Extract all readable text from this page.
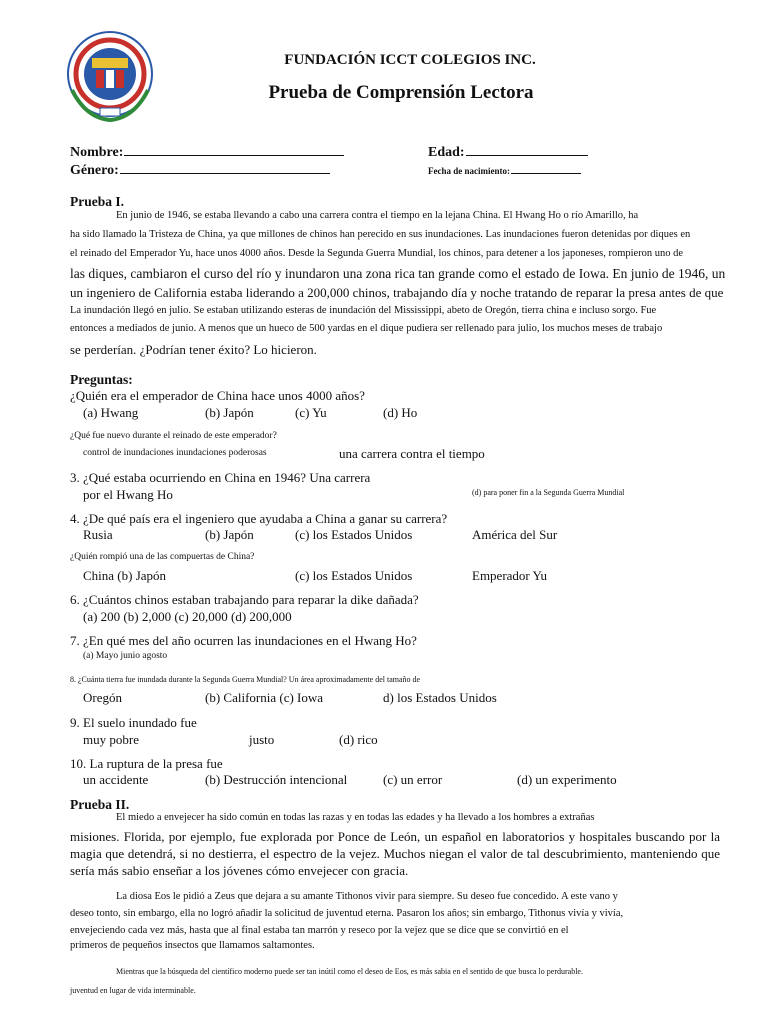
FUNDACIÓN ICCT COLEGIOS INC.
Prueba de Comprensión Lectora
Nombre:	Edad:
Género:	Fecha de nacimiento:
Prueba I.
En junio de 1946, se estaba llevando a cabo una carrera contra el tiempo en la lejana China. El Hwang Ho o río Amarillo, ha
ha sido llamado la Tristeza de China, ya que millones de chinos han perecido en sus inundaciones. Las inundaciones fueron detenidas por diques en
el reinado del Emperador Yu, hace unos 4000 años. Desde la Segunda Guerra Mundial, los chinos, para detener a los japoneses, rompieron uno de
las diques, cambiaron el curso del río y inundaron una zona rica tan grande como el estado de Iowa. En junio de 1946, un
un ingeniero de California estaba liderando a 200,000 chinos, trabajando día y noche tratando de reparar la presa antes de que
La inundación llegó en julio. Se estaban utilizando esteras de inundación del Mississippi, abeto de Oregón, tierra china e incluso sorgo. Fue
entonces a mediados de junio. A menos que un hueco de 500 yardas en el dique pudiera ser rellenado para julio, los muchos meses de trabajo
se perderían. ¿Podrían tener éxito? Lo hicieron.
Preguntas:
¿Quién era el emperador de China hace unos 4000 años?
(a) Hwang	(b) Japón	(c) Yu	(d) Ho
¿Qué fue nuevo durante el reinado de este emperador?
control de inundaciones inundaciones poderosas	una carrera contra el tiempo
3. ¿Qué estaba ocurriendo en China en 1946? Una carrera
por el Hwang Ho	(d) para poner fin a la Segunda Guerra Mundial
4. ¿De qué país era el ingeniero que ayudaba a China a ganar su carrera?
Rusia	(b) Japón	(c) los Estados Unidos	América del Sur
¿Quién rompió una de las compuertas de China?
China (b) Japón	(c) los Estados Unidos	Emperador Yu
6. ¿Cuántos chinos estaban trabajando para reparar la dike dañada?
(a) 200 (b) 2,000 (c) 20,000 (d) 200,000
7. ¿En qué mes del año ocurren las inundaciones en el Hwang Ho?
(a) Mayo junio agosto
8. ¿Cuánta tierra fue inundada durante la Segunda Guerra Mundial? Un área aproximadamente del tamaño de
Oregón	(b) California (c) Iowa	d) los Estados Unidos
9. El suelo inundado fue
muy pobre	justo	(d) rico
10. La ruptura de la presa fue
un accidente	(b) Destrucción intencional	(c) un error	(d) un experimento
Prueba II.
El miedo a envejecer ha sido común en todas las razas y en todas las edades y ha llevado a los hombres a extrañas
misiones. Florida, por ejemplo, fue explorada por Ponce de León, un español en laboratorios y hospitales buscando por la magia que detendrá, si no destierra, el espectro de la vejez. Muchos niegan el valor de tal descubrimiento, manteniendo que sería más sabio enseñar a los jóvenes cómo envejecer con gracia.
La diosa Eos le pidió a Zeus que dejara a su amante Tithonos vivir para siempre. Su deseo fue concedido. A este vano y
deseo tonto, sin embargo, ella no logró añadir la solicitud de juventud eterna. Pasaron los años; sin embargo, Tithonus vivía y vivía,
envejeciendo cada vez más, hasta que al final estaba tan marrón y reseco por la vejez que se dice que se convirtió en el
primeros de pequeños insectos que llamamos saltamontes.
Mientras que la búsqueda del científico moderno puede ser tan inútil como el deseo de Eos, es más sabia en el sentido de que busca lo perdurable.
juventud en lugar de vida interminable.
